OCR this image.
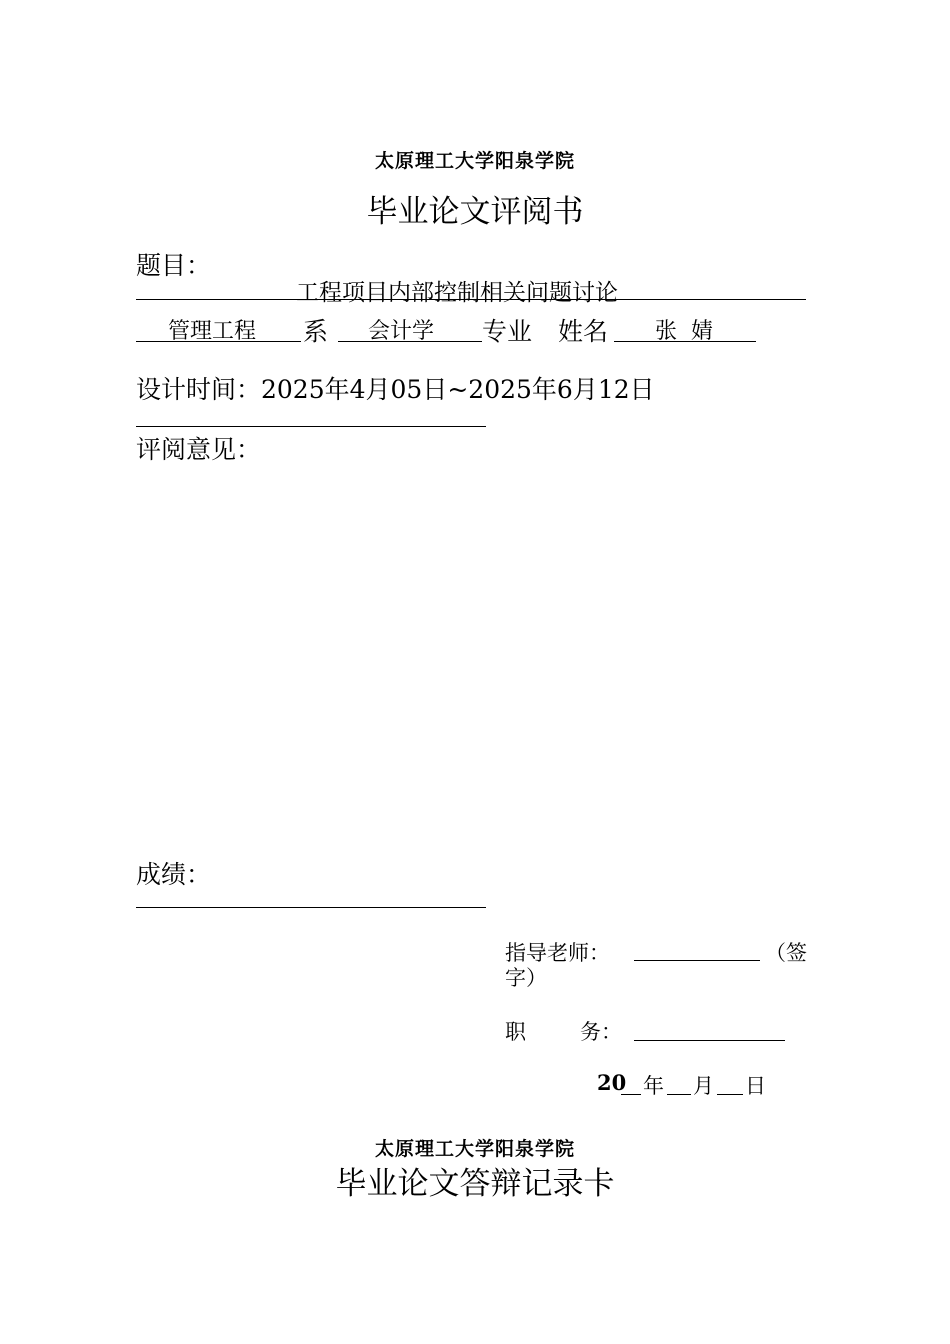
太原理工大学阳泉学院
毕业论文评阅书
题目：
工程项目内部控制相关问题讨论
管理工程 系 会计学 专业 姓名 张  婧
设计时间：2025年4月05日~2025年6月12日
评阅意见：
成绩：
指导老师：	（签
字）
职	务：
20 年 月 日
太原理工大学阳泉学院
毕业论文答辩记录卡
